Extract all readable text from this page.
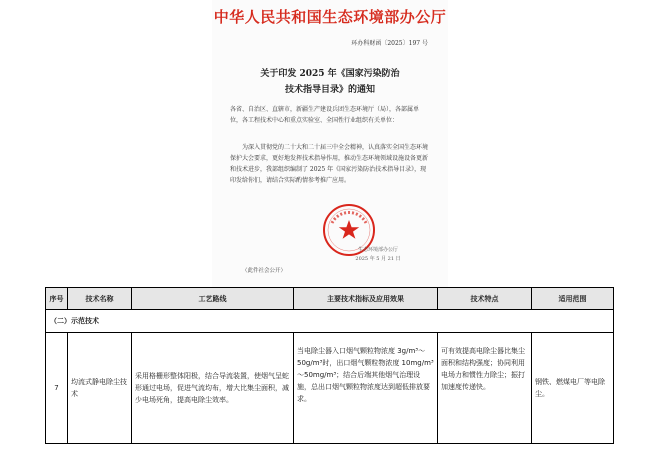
中华人民共和国生态环境部办公厅
环办科财函〔2025〕197 号
关于印发 2025 年《国家污染防治
技术指导目录》的通知
各省、自治区、直辖市，新疆生产建设兵团生态环境厅（局），各部属单位，各工程技术中心和重点实验室、全国性行业组织有关单位：
为深入贯彻党的二十大和二十届三中全会精神，认真落实全国生态环境保护大会要求，更好地发挥技术指导作用，推动生态环境领域设施设备更新和技术进步，我部组织编制了 2025 年《国家污染防治技术指导目录》，现印发给你们，请结合实际酌情参考推广应用。
生态环境部办公厅
2025 年 5 月 21 日
（此件社会公开）
序号	技术名称	工艺路线	主要技术指标及应用效果	技术特点	适用范围
（二）示范技术					
7	均流式静电除尘技术	采用格栅形整体阳极，结合导流装置，使烟气呈蛇形通过电场，促进气流均布，增大比集尘面积，减少电场死角，提高电除尘效率。	当电除尘器入口烟气颗粒物浓度 3g/m³～50g/m³时，出口烟气颗粒物浓度 10mg/m³～50mg/m³；结合后端其他烟气治理设施，总出口烟气颗粒物浓度达到超低排放要求。	可有效提高电除尘器比集尘面积和结构强度；协同利用电场力和惯性力除尘；振打加速度传递快。	钢铁、燃煤电厂等电除尘。
